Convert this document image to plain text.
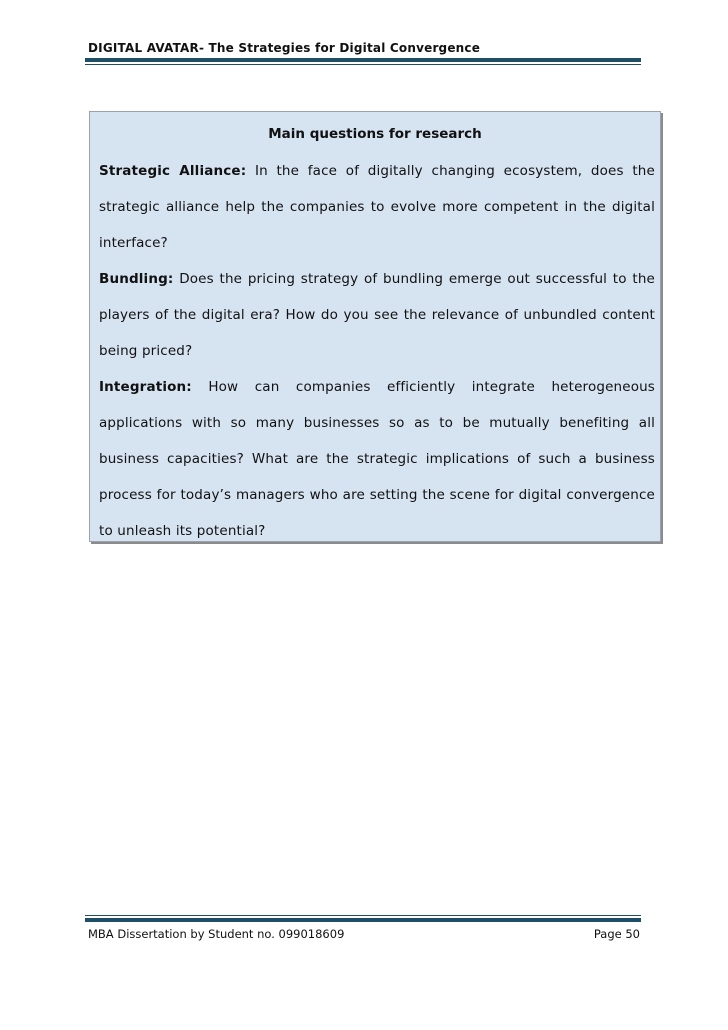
DIGITAL AVATAR- The Strategies for Digital Convergence
Main questions for research
Strategic Alliance: In the face of digitally changing ecosystem, does the strategic alliance help the companies to evolve more competent in the digital interface?
Bundling: Does the pricing strategy of bundling emerge out successful to the players of the digital era? How do you see the relevance of unbundled content being priced?
Integration: How can companies efficiently integrate heterogeneous applications with so many businesses so as to be mutually benefiting all business capacities? What are the strategic implications of such a business process for today’s managers who are setting the scene for digital convergence to unleash its potential?
MBA Dissertation by Student no. 099018609	Page 50
